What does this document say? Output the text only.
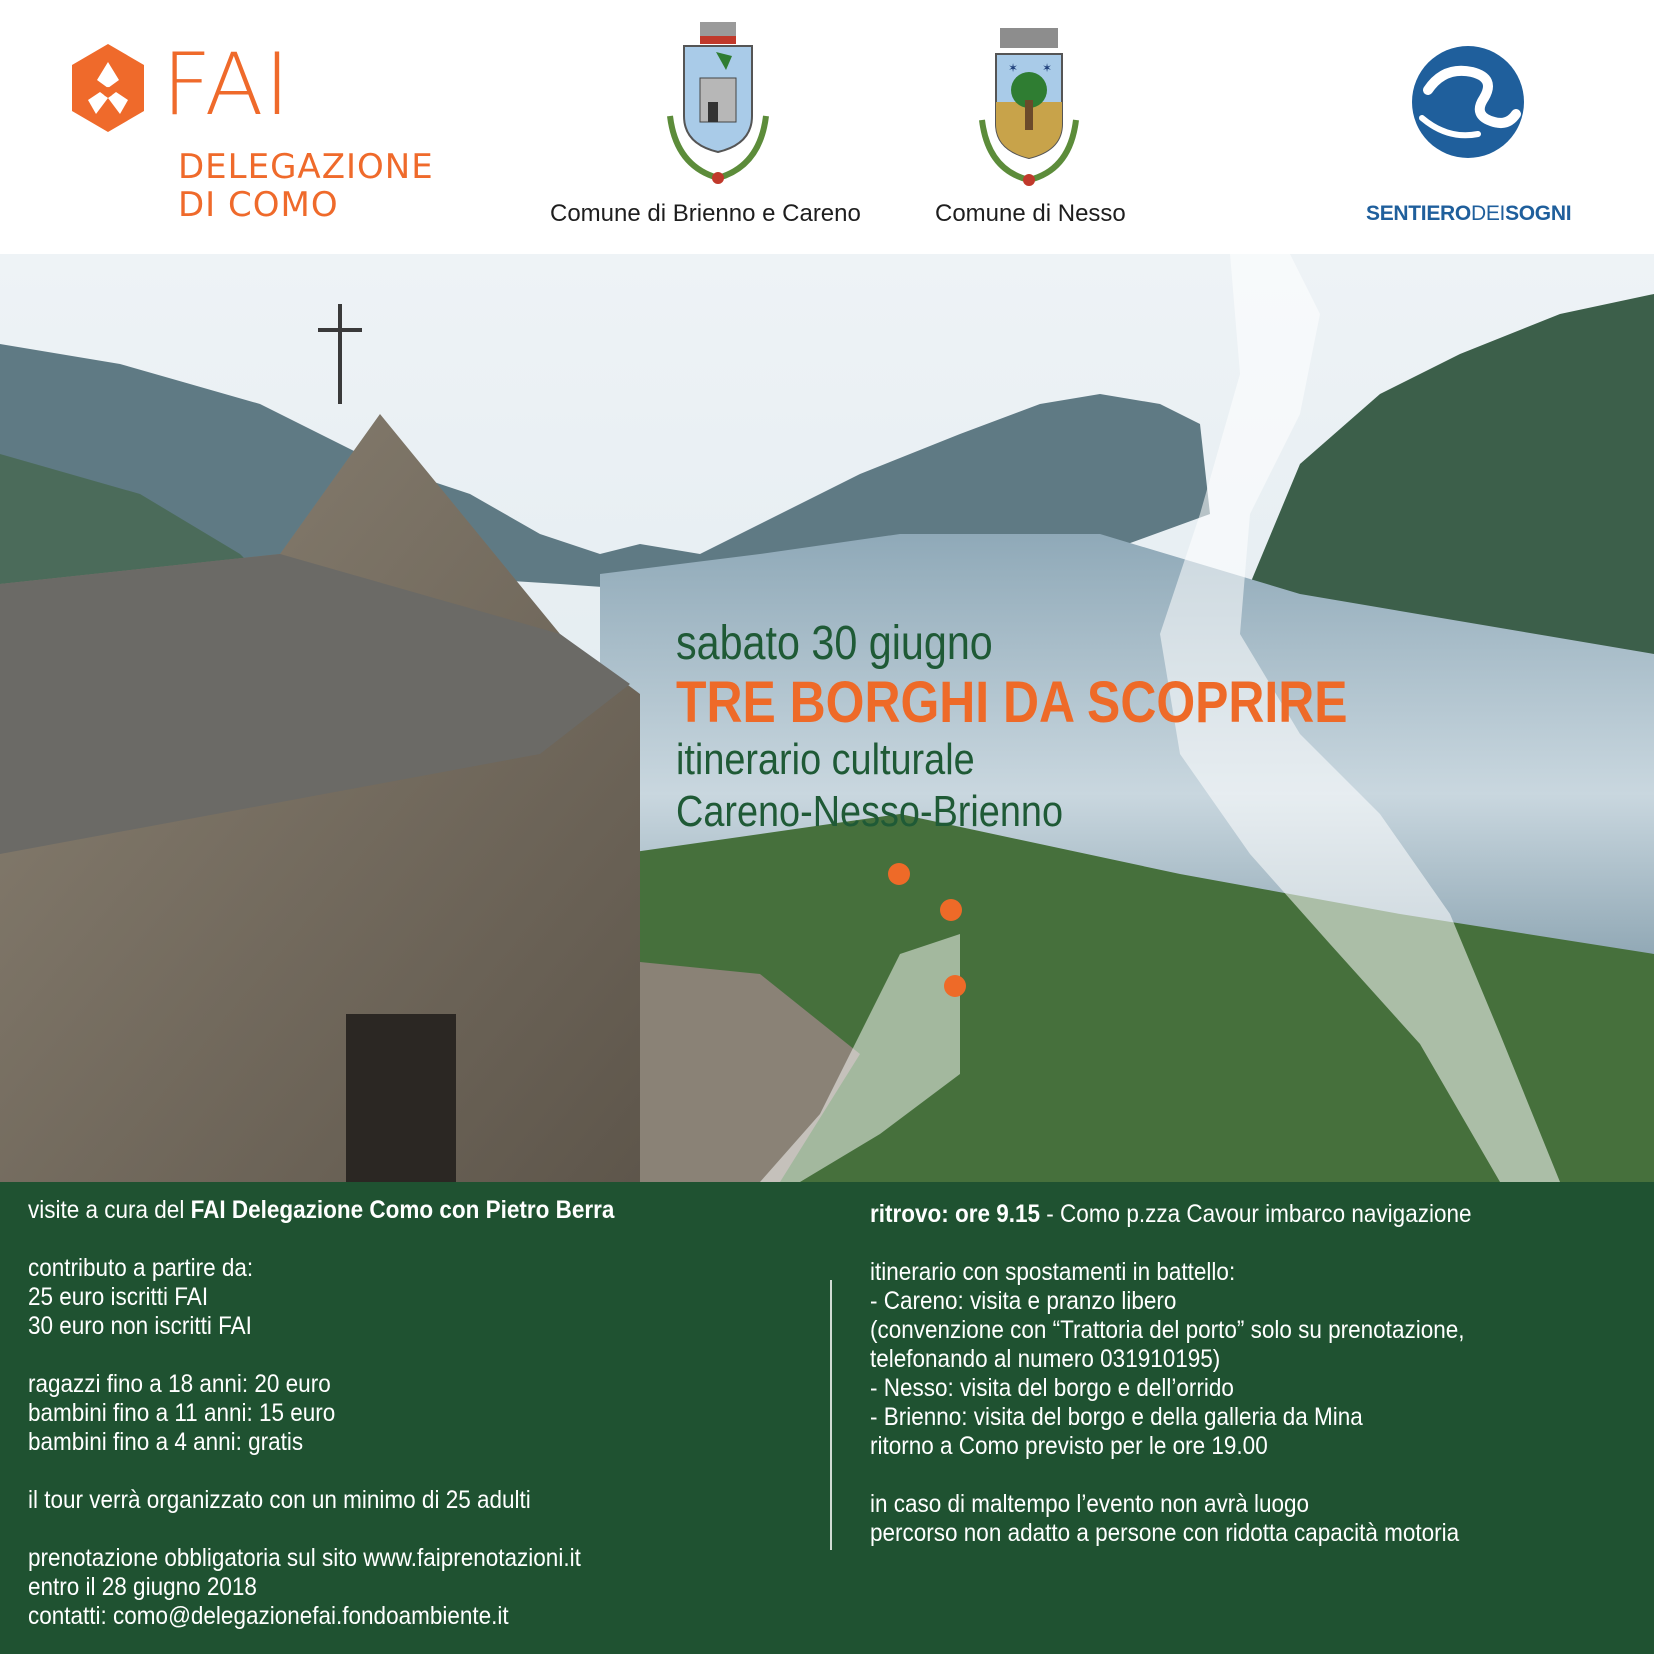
FAI
DELEGAZIONE
DI COMO	Comune di Brienno e Careno
✶ ✶
Comune di Nesso	SENTIERODEISOGNI
sabato 30 giugno
TRE BORGHI DA SCOPRIRE
itinerario culturale
Careno-Nesso-Brienno

visite a cura del FAI Delegazione Como con Pietro Berra

contributo a partire da:

25 euro iscritti FAI

30 euro non iscritti FAI

ragazzi fino a 18 anni: 20 euro

bambini fino a 11 anni: 15 euro

bambini fino a 4 anni: gratis

il tour verrà organizzato con un minimo di 25 adulti

prenotazione obbligatoria sul sito www.faiprenotazioni.it

entro il 28 giugno 2018

contatti: como@delegazionefai.fondoambiente.it

ritrovo: ore 9.15 - Como p.zza Cavour imbarco navigazione

itinerario con spostamenti in battello:

- Careno: visita e pranzo libero

(convenzione con “Trattoria del porto” solo su prenotazione,

telefonando al numero 031910195)

- Nesso: visita del borgo e dell’orrido

- Brienno: visita del borgo e della galleria da Mina

ritorno a Como previsto per le ore 19.00

in caso di maltempo l’evento non avrà luogo

percorso non adatto a persone con ridotta capacità motoria
